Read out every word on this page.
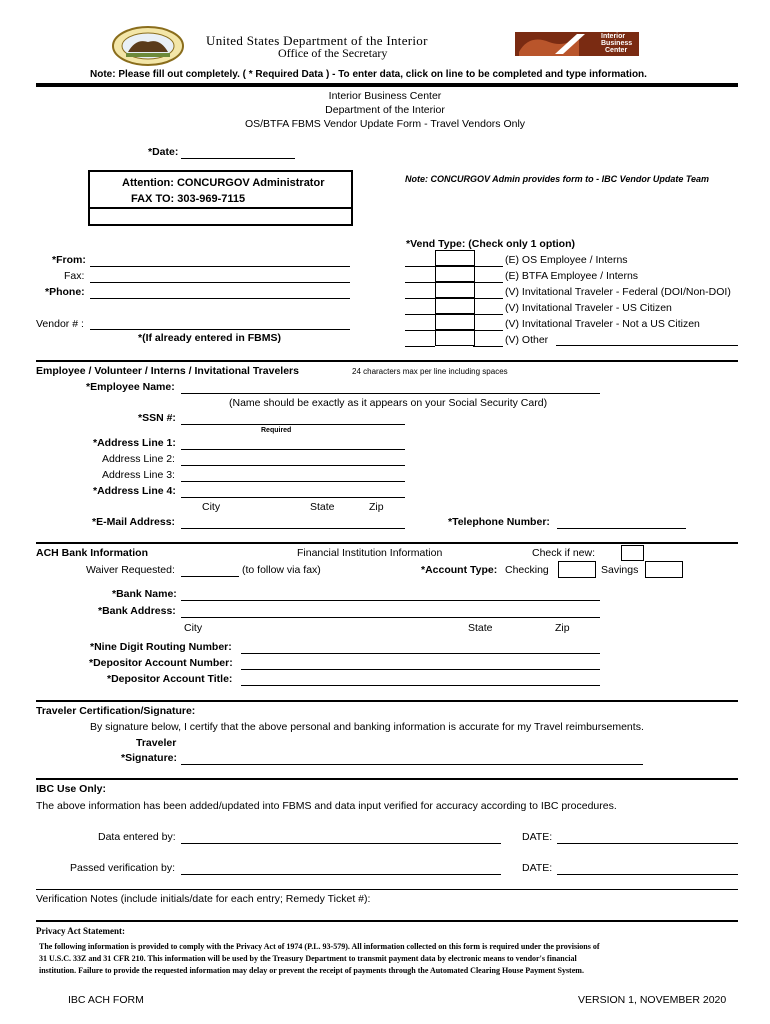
United States Department of the Interior
Office of the Secretary
Interior
Business
Center
Note: Please fill out completely. ( * Required Data ) - To enter data, click on line to be completed and type information.
Interior Business Center
Department of the Interior
OS/BTFA FBMS Vendor Update Form - Travel Vendors Only
*Date:
Attention: CONCURGOV Administrator
FAX TO: 303-969-7115
Note: CONCURGOV Admin provides form to - IBC Vendor Update Team
*Vend Type: (Check only 1 option)
*From:
Fax:
*Phone:
Vendor # :
*(If already entered in FBMS)
(E) OS Employee / Interns
(E) BTFA Employee / Interns
(V) Invitational Traveler - Federal (DOI/Non-DOI)
(V) Invitational Traveler - US Citizen
(V) Invitational Traveler - Not a US Citizen
(V) Other
Employee / Volunteer / Interns / Invitational Travelers	24 characters max per line including spaces
*Employee Name:
(Name should be exactly as it appears on your Social Security Card)
*SSN #:
Required
*Address Line 1:
Address Line 2:
Address Line 3:
*Address Line 4:
City	State	Zip
*E-Mail Address:	*Telephone Number:
ACH Bank Information	Financial Institution Information	Check if new:
Waiver Requested:	(to follow via fax)	*Account Type: Checking	Savings
*Bank Name:
*Bank Address:
City	State	Zip
*Nine Digit Routing Number:
*Depositor Account Number:
*Depositor Account Title:
Traveler Certification/Signature:
By signature below, I certify that the above personal and banking information is accurate for my Travel reimbursements.
Traveler
*Signature:
IBC Use Only:
The above information has been added/updated into FBMS and data input verified for accuracy according to IBC procedures.
Data entered by:	DATE:
Passed verification by:	DATE:
Verification Notes (include initials/date for each entry; Remedy Ticket #):
Privacy Act Statement:
The following information is provided to comply with the Privacy Act of 1974 (P.L. 93-579). All information collected on this form is required under the provisions of
31 U.S.C. 33Z and 31 CFR 210. This information will be used by the Treasury Department to transmit payment data by electronic means to vendor's financial
institution. Failure to provide the requested information may delay or prevent the receipt of payments through the Automated Clearing House Payment System.
IBC ACH FORM	VERSION 1, NOVEMBER 2020
